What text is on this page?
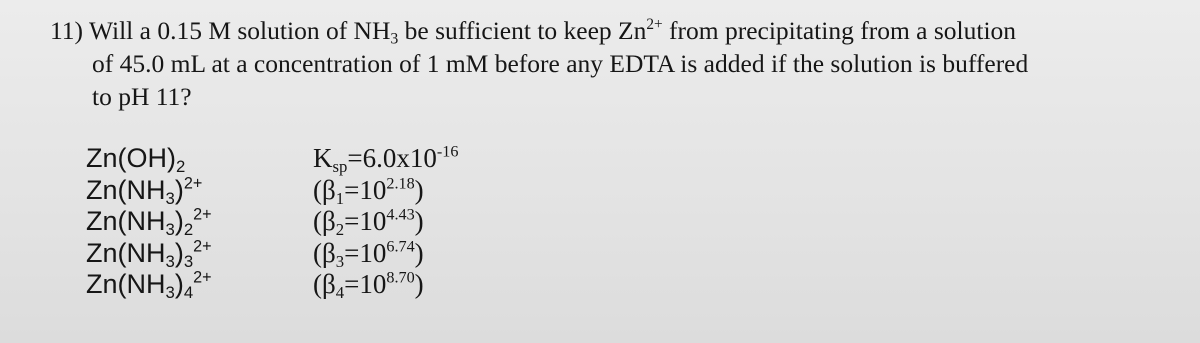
11) Will a 0.15 M solution of $NH_3$ be sufficient to keep $Zn^{2+}$ from precipitating from a solution
of 45.0 mL at a concentration of 1 mM before any EDTA is added if the solution is buffered
to pH 11?
$Zn(OH)_2$
$Zn(NH_3)^{2+}$
$Zn(NH_3)_2^{2+}$
$Zn(NH_3)_3^{2+}$
$Zn(NH_3)_4^{2+}$
$K_{sp}=6.0x10^{-16}$
$(\beta_1=10^{2.18})$
$(\beta_2=10^{4.43})$
$(\beta_3=10^{6.74})$
$(\beta_4=10^{8.70})$
